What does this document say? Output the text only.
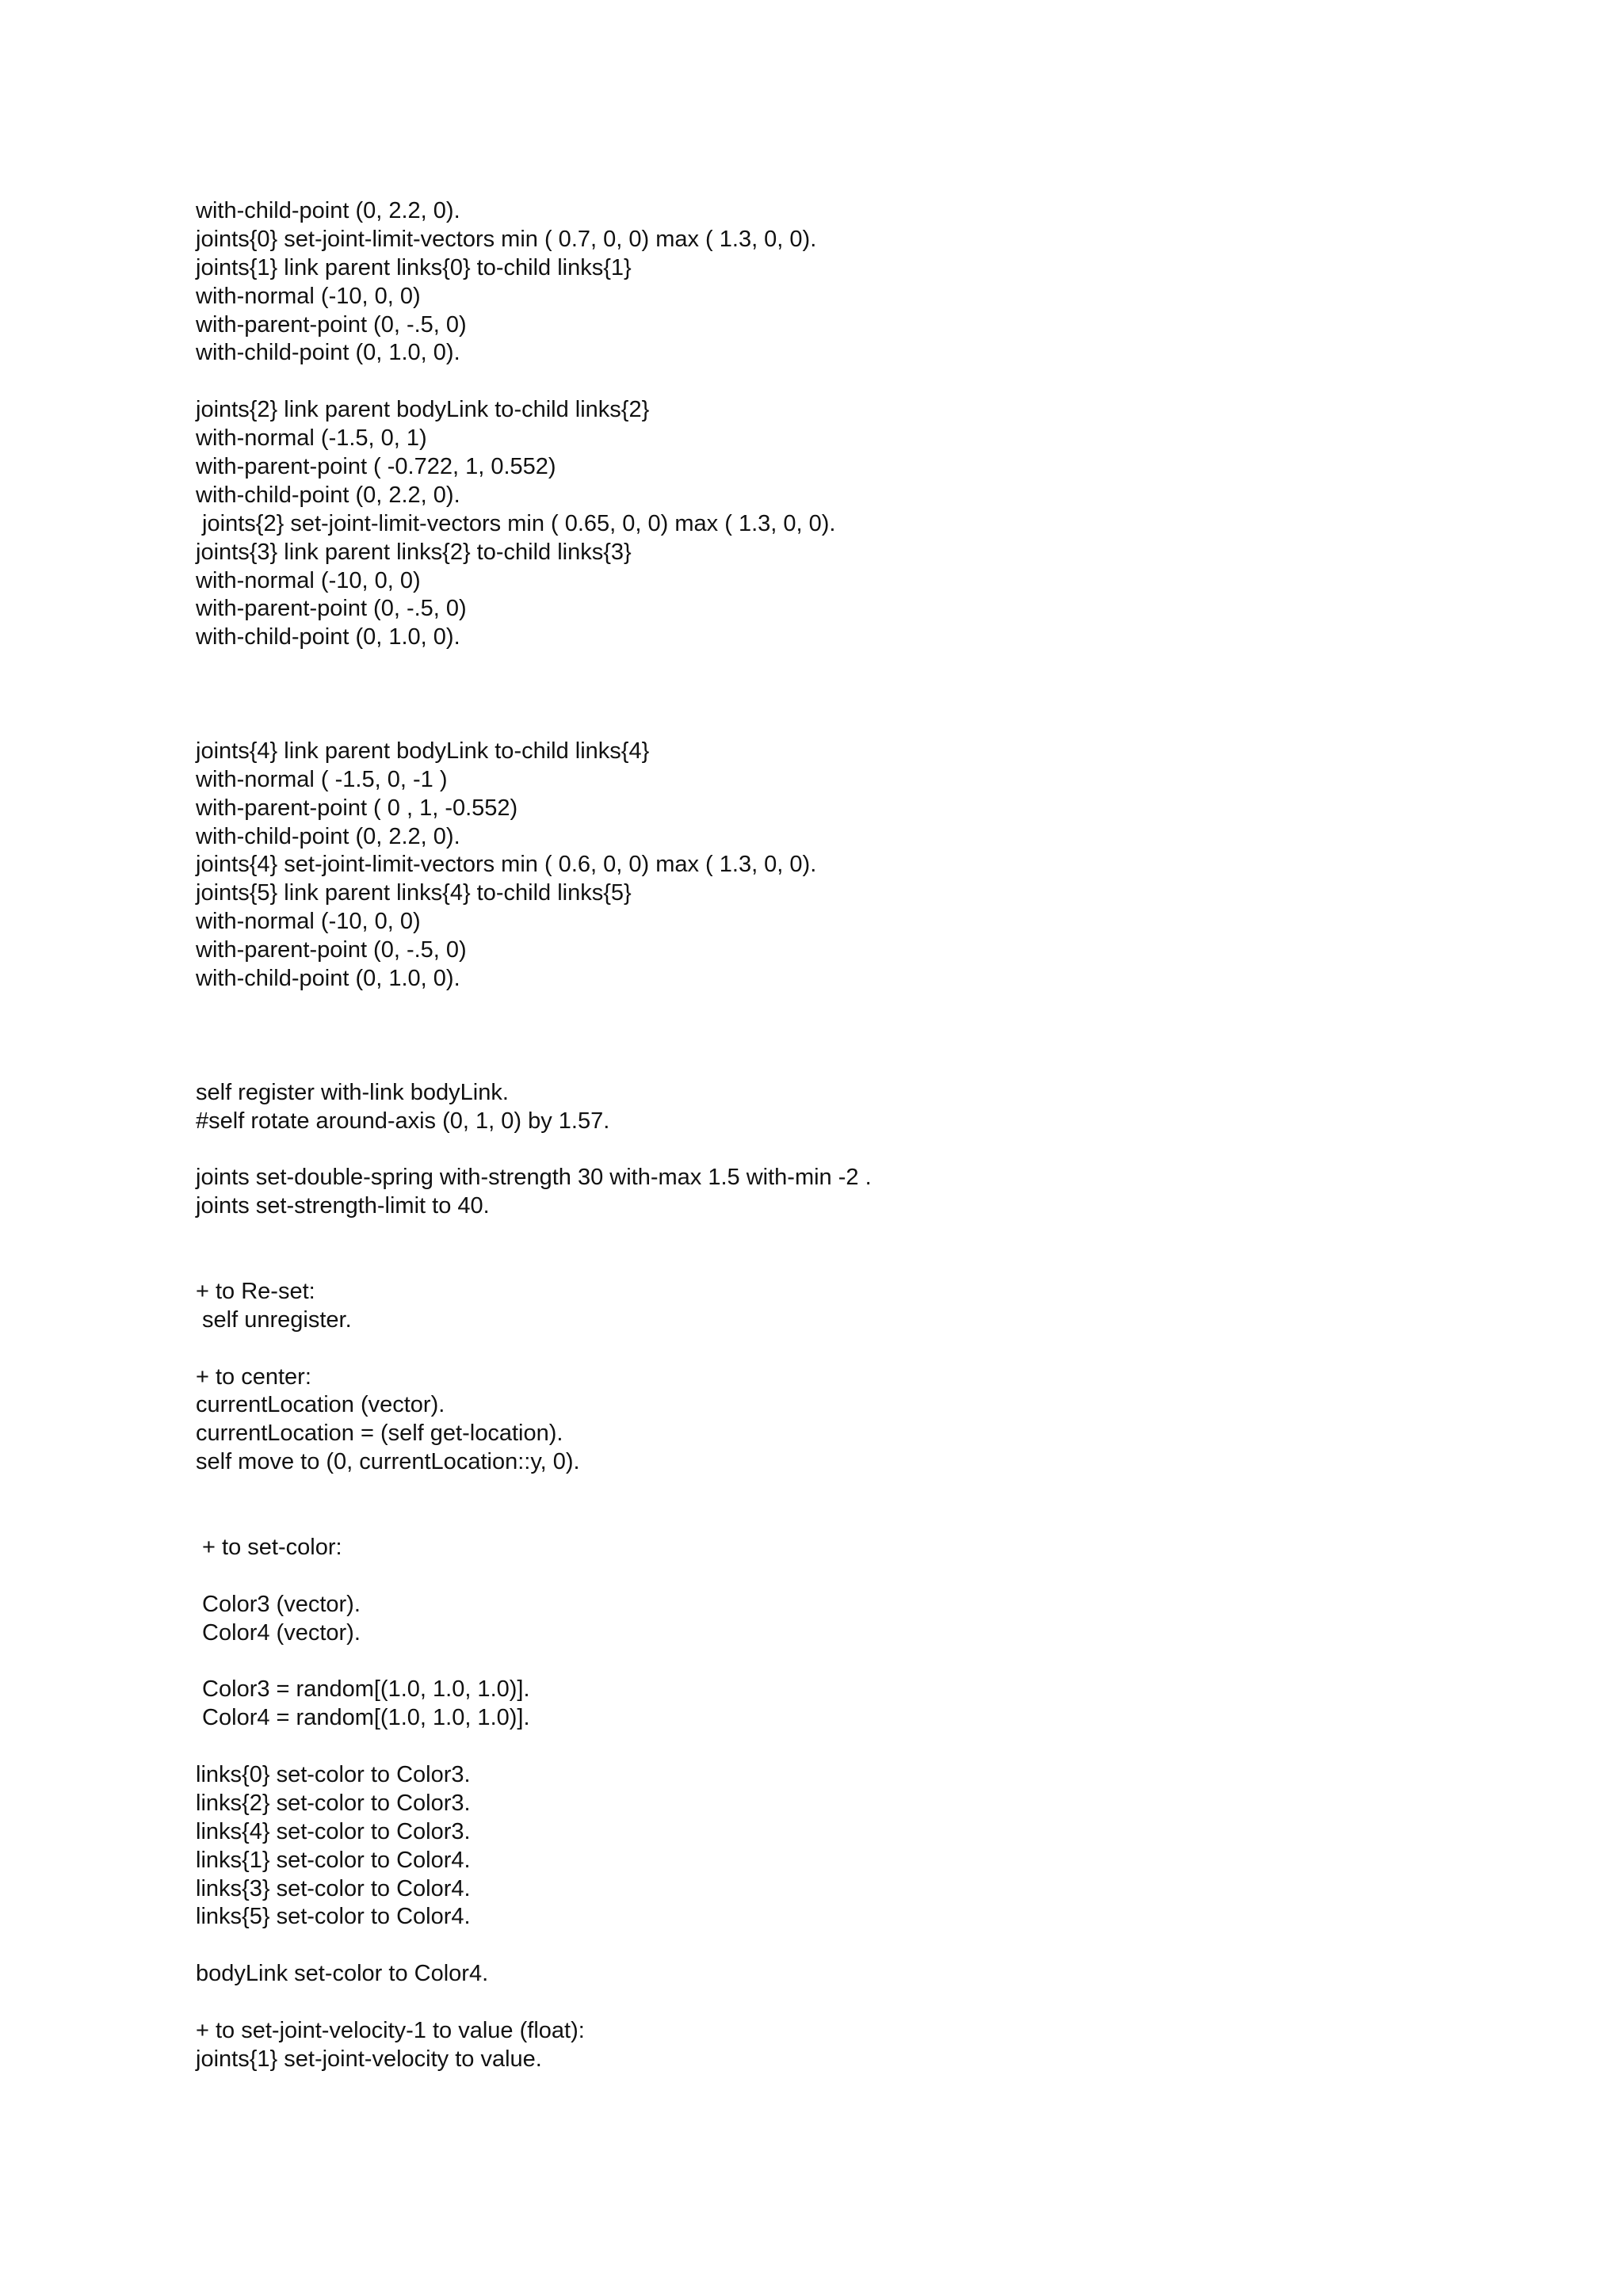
with-child-point (0, 2.2, 0).
joints{0} set-joint-limit-vectors min ( 0.7, 0, 0) max ( 1.3, 0, 0).
joints{1} link parent links{0} to-child links{1}
with-normal (-10, 0, 0)
with-parent-point (0, -.5, 0)
with-child-point (0, 1.0, 0).
joints{2} link parent bodyLink to-child links{2}
with-normal (-1.5, 0, 1)
with-parent-point ( -0.722, 1, 0.552)
with-child-point (0, 2.2, 0).
joints{2} set-joint-limit-vectors min ( 0.65, 0, 0) max ( 1.3, 0, 0).
joints{3} link parent links{2} to-child links{3}
with-normal (-10, 0, 0)
with-parent-point (0, -.5, 0)
with-child-point (0, 1.0, 0).
joints{4} link parent bodyLink to-child links{4}
with-normal ( -1.5, 0, -1 )
with-parent-point ( 0 , 1, -0.552)
with-child-point (0, 2.2, 0).
joints{4} set-joint-limit-vectors min ( 0.6, 0, 0) max ( 1.3, 0, 0).
joints{5} link parent links{4} to-child links{5}
with-normal (-10, 0, 0)
with-parent-point (0, -.5, 0)
with-child-point (0, 1.0, 0).
self register with-link bodyLink.
#self rotate around-axis (0, 1, 0) by 1.57.
joints set-double-spring with-strength 30 with-max 1.5 with-min -2 .
joints set-strength-limit to 40.
+ to Re-set:
self unregister.
+ to center:
currentLocation (vector).
currentLocation = (self get-location).
self move to (0, currentLocation::y, 0).
+ to set-color:
Color3 (vector).
Color4 (vector).
Color3 = random[(1.0, 1.0, 1.0)].
Color4 = random[(1.0, 1.0, 1.0)].
links{0} set-color to Color3.
links{2} set-color to Color3.
links{4} set-color to Color3.
links{1} set-color to Color4.
links{3} set-color to Color4.
links{5} set-color to Color4.
bodyLink set-color to Color4.
+ to set-joint-velocity-1 to value (float):
joints{1} set-joint-velocity to value.
